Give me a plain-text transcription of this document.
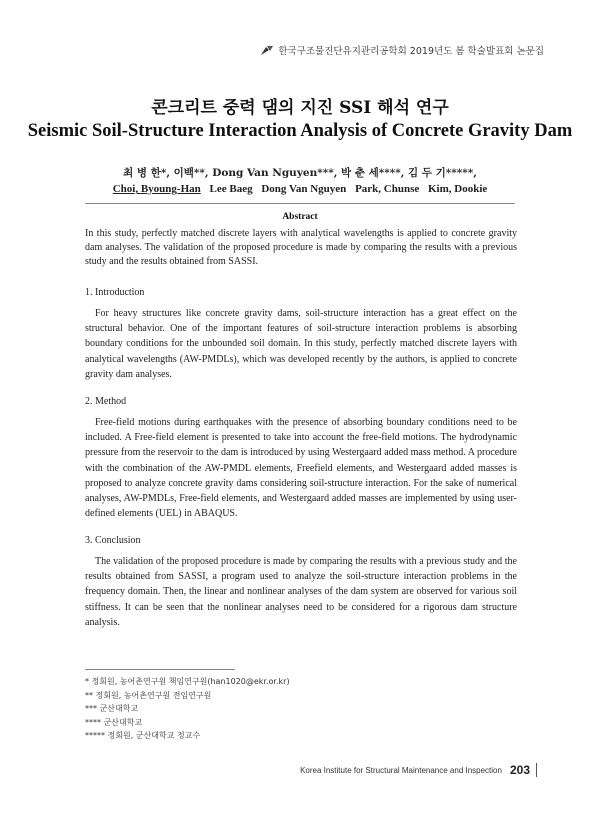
한국구조물진단유지관리공학회 2019년도 봄 학술발표회 논문집
콘크리트 중력 댐의 지진 SSI 해석 연구
Seismic Soil-Structure Interaction Analysis of Concrete Gravity Dam
최 병 한*, 이백**, Dong Van Nguyen***, 박 춘 세****, 김 두 기*****,
Choi, Byoung-Han Lee Baeg Dong Van Nguyen Park, Chunse Kim, Dookie
Abstract
In this study, perfectly matched discrete layers with analytical wavelengths is applied to concrete gravity dam analyses. The validation of the proposed procedure is made by comparing the results with a previous study and the results obtained from SASSI.
1. Introduction

For heavy structures like concrete gravity dams, soil-structure interaction has a great effect on the structural behavior. One of the important features of soil-structure interaction problems is absorbing boundary conditions for the unbounded soil domain. In this study, perfectly matched discrete layers with analytical wavelengths (AW-PMDLs), which was developed recently by the authors, is applied to concrete gravity dam analyses.

2. Method

Free-field motions during earthquakes with the presence of absorbing boundary conditions need to be included. A Free-field element is presented to take into account the free-field motions. The hydrodynamic pressure from the reservoir to the dam is introduced by using Westergaard added mass method. A procedure with the combination of the AW-PMDL elements, Freefield elements, and Westergaard added masses is proposed to analyze concrete gravity dams considering soil-structure interaction. For the sake of numerical analyses, AW-PMDLs, Free-field elements, and Westergaard added masses are implemented by using user-defined elements (UEL) in ABAQUS.

3. Conclusion

The validation of the proposed procedure is made by comparing the results with a previous study and the results obtained from SASSI, a program used to analyze the soil-structure interaction problems in the frequency domain. Then, the linear and nonlinear analyses of the dam system are observed for various soil stiffness. It can be seen that the nonlinear analyses need to be considered for a rigorous dam structure analysis.

* 정회원, 농어촌연구원 책임연구원(han1020@ekr.or.kr)
** 정회원, 농어촌연구원 전임연구원
*** 군산대학교
**** 군산대학교
***** 정회원, 군산대학교 정교수
Korea Institute for Structural Maintenance and Inspection 203
